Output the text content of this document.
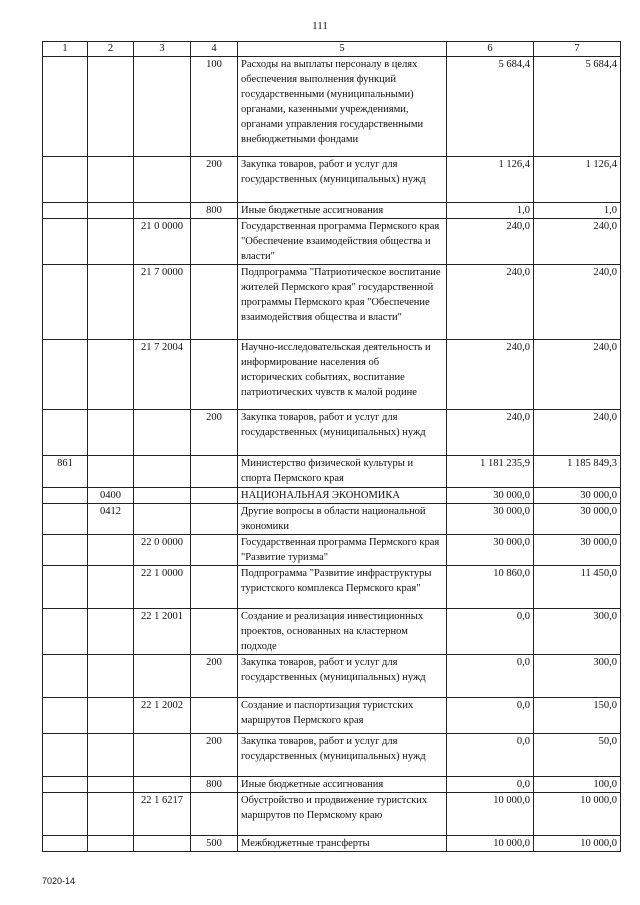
111
1	2	3	4	5	6	7
			100	Расходы на выплаты персоналу в целях обеспечения выполнения функций государственными (муниципальными) органами, казенными учреждениями, органами управления государственными внебюджетными фондами	5 684,4	5 684,4
			200	Закупка товаров, работ и услуг для государственных (муниципальных) нужд	1 126,4	1 126,4
			800	Иные бюджетные ассигнования	1,0	1,0
		21 0 0000		Государственная программа Пермского края "Обеспечение взаимодействия общества и власти"	240,0	240,0
		21 7 0000		Подпрограмма "Патриотическое воспитание жителей Пермского края" государственной программы Пермского края "Обеспечение взаимодействия общества и власти"	240,0	240,0
		21 7 2004		Научно-исследовательская деятельность и информирование населения об исторических событиях, воспитание патриотических чувств к малой родине	240,0	240,0
			200	Закупка товаров, работ и услуг для государственных (муниципальных) нужд	240,0	240,0
861				Министерство физической культуры и спорта Пермского края	1 181 235,9	1 185 849,3
	0400			НАЦИОНАЛЬНАЯ ЭКОНОМИКА	30 000,0	30 000,0
	0412			Другие вопросы в области национальной экономики	30 000,0	30 000,0
		22 0 0000		Государственная программа Пермского края "Развитие туризма"	30 000,0	30 000,0
		22 1 0000		Подпрограмма "Развитие инфраструктуры туристского комплекса Пермского края"	10 860,0	11 450,0
		22 1 2001		Создание и реализация инвестиционных проектов, основанных на кластерном подходе	0,0	300,0
			200	Закупка товаров, работ и услуг для государственных (муниципальных) нужд	0,0	300,0
		22 1 2002		Создание и паспортизация туристских маршрутов Пермского края	0,0	150,0
			200	Закупка товаров, работ и услуг для государственных (муниципальных) нужд	0,0	50,0
			800	Иные бюджетные ассигнования	0,0	100,0
		22 1 6217		Обустройство и продвижение туристских маршрутов по Пермскому краю	10 000,0	10 000,0
			500	Межбюджетные трансферты	10 000,0	10 000,0
7020-14
